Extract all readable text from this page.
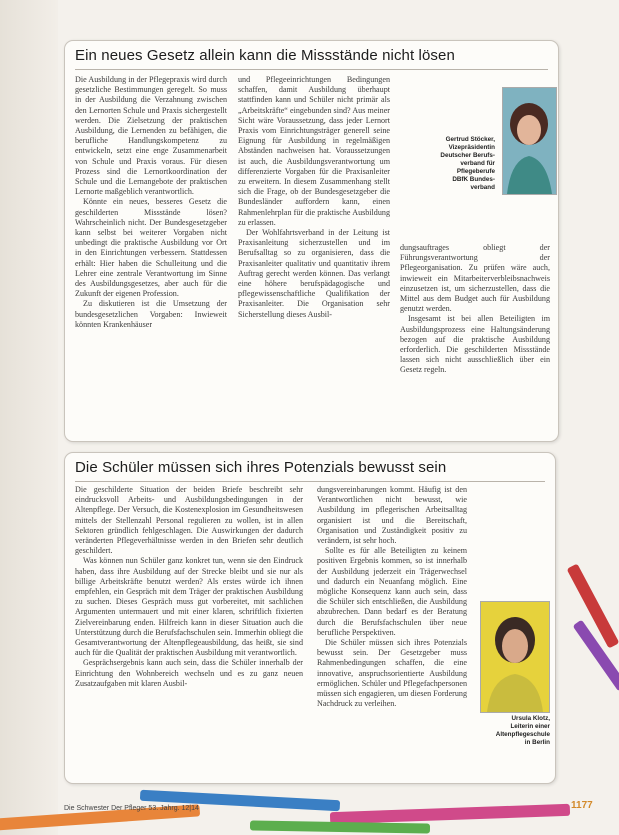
Ein neues Gesetz allein kann die Missstände nicht lösen

Die Ausbildung in der Pflegepraxis wird durch gesetzliche Bestimmungen geregelt. So muss in der Ausbildung die Verzahnung zwischen den Lernorten Schule und Praxis sichergestellt werden. Die Zielsetzung der praktischen Ausbildung, die Lernenden zu befähigen, die berufliche Handlungskompetenz zu entwickeln, setzt eine enge Zusammenarbeit von Schule und Praxis voraus. Für diesen Prozess sind die Lernortkoordination der Schule und die Lernangebote der praktischen Lernorte maßgeblich verantwortlich.

Könnte ein neues, besseres Gesetz die geschilderten Missstände lösen? Wahrscheinlich nicht. Der Bundesgesetzgeber kann selbst bei weiterer Vorgaben nicht unbedingt die praktische Ausbildung vor Ort in den Einrichtungen verbessern. Stattdessen erhält: Hier haben die Schulleitung und die Lehrer eine zentrale Verantwortung im Sinne des Ausbildungsgesetzes, aber auch für die Zukunft der eigenen Profession.

Zu diskutieren ist die Umsetzung der bundesgesetzlichen Vorgaben: Inwieweit könnten Krankenhäuser

und Pflegeeinrichtungen Bedingungen schaffen, damit Ausbildung überhaupt stattfinden kann und Schüler nicht primär als „Arbeitskräfte“ eingebunden sind? Aus meiner Sicht wäre Voraussetzung, dass jeder Lernort Praxis vom Einrichtungsträger generell seine Eignung für Ausbildung in regelmäßigen Abständen nachweisen hat. Voraussetzungen ist auch, die Ausbildungsverantwortung um differenzierte Vorgaben für die Praxisanleiter zu erweitern. In diesem Zusammenhang stellt sich die Frage, ob der Bundesgesetzgeber die Bundesländer auffordern kann, einen Rahmenlehrplan für die praktische Ausbildung zu erlassen.

Der Wohlfahrtsverband in der Leitung ist Praxisanleitung sicherzustellen und im Berufsalltag so zu organisieren, dass die Praxisanleiter qualitativ und quantitativ ihrem Auftrag gerecht werden können. Das verlangt eine höhere berufspädagogische und pflegewissenschaftliche Qualifikation der Praxisanleiter. Die Organisation sehr Sicherstellung dieses Ausbil-

dungsauftrages obliegt der Führungsverantwortung der Pflegeorganisation. Zu prüfen wäre auch, inwieweit ein Mitarbeiterverbleibsnachweis einzusetzen ist, um sicherzustellen, dass die Mittel aus dem Budget auch für Ausbildung genutzt werden.

Insgesamt ist bei allen Beteiligten im Ausbildungsprozess eine Haltungsänderung bezogen auf die praktische Ausbildung erforderlich. Die geschilderten Missstände lassen sich nicht ausschließlich über ein Gesetz regeln.

Gertrud Stöcker,
Vizepräsidentin
Deutscher Berufs-
verband für
Pflegeberufe
DBfK Bundes-
verband
Die Schüler müssen sich ihres Potenzials bewusst sein

Die geschilderte Situation der beiden Briefe beschreibt sehr eindrucksvoll Arbeits- und Ausbildungsbedingungen in der Altenpflege. Der Versuch, die Kostenexplosion im Gesundheitswesen mittels der Stellenzahl Personal regulieren zu wollen, ist in allen Sektoren gründlich fehlgeschlagen. Die Auswirkungen der dadurch veränderten Pflegeverhältnisse werden in den Briefen sehr deutlich geschildert.

Was können nun Schüler ganz konkret tun, wenn sie den Eindruck haben, dass ihre Ausbildung auf der Strecke bleibt und sie nur als billige Arbeitskräfte benutzt werden? Als erstes würde ich ihnen empfehlen, ein Gespräch mit dem Träger der praktischen Ausbildung zu suchen. Dieses Gespräch muss gut vorbereitet, mit sachlichen Argumenten untermauert und mit einer klaren, schriftlich fixierten Zielvereinbarung enden. Hilfreich kann in dieser Situation auch die Unterstützung durch die Berufsfachschulen sein. Immerhin obliegt die Gesamtverantwortung der Altenpflegeausbildung, das heißt, sie sind auch für die Qualität der praktischen Ausbildung mit verantwortlich.

Gesprächsergebnis kann auch sein, dass die Schüler innerhalb der Einrichtung den Wohnbereich wechseln und es zu ganz neuen Zusatzaufgaben mit klaren Ausbil-

dungsvereinbarungen kommt. Häufig ist den Verantwortlichen nicht bewusst, wie Ausbildung im pflegerischen Arbeitsalltag organisiert ist und die Bereitschaft, Organisation und Zuständigkeit positiv zu verändern, ist sehr hoch.

Sollte es für alle Beteiligten zu keinem positiven Ergebnis kommen, so ist innerhalb der Ausbildung jederzeit ein Trägerwechsel und dadurch ein Neuanfang möglich. Eine mögliche Konsequenz kann auch sein, dass die Schüler sich entschließen, die Ausbildung abzubrechen. Dann bedarf es der Beratung durch die Berufsfachschulen über neue berufliche Perspektiven.

Die Schüler müssen sich ihres Potenzials bewusst sein. Der Gesetzgeber muss Rahmenbedingungen schaffen, die eine innovative, anspruchsorientierte Ausbildung ermöglichen. Schüler und Pflegefachpersonen müssen sich engagieren, um diesen Forderung Nachdruck zu verleihen.

Ursula Klotz,
Leiterin einer
Altenpflegeschule
in Berlin
Die Schwester Der Pfleger 53. Jahrg. 12|14	1177
